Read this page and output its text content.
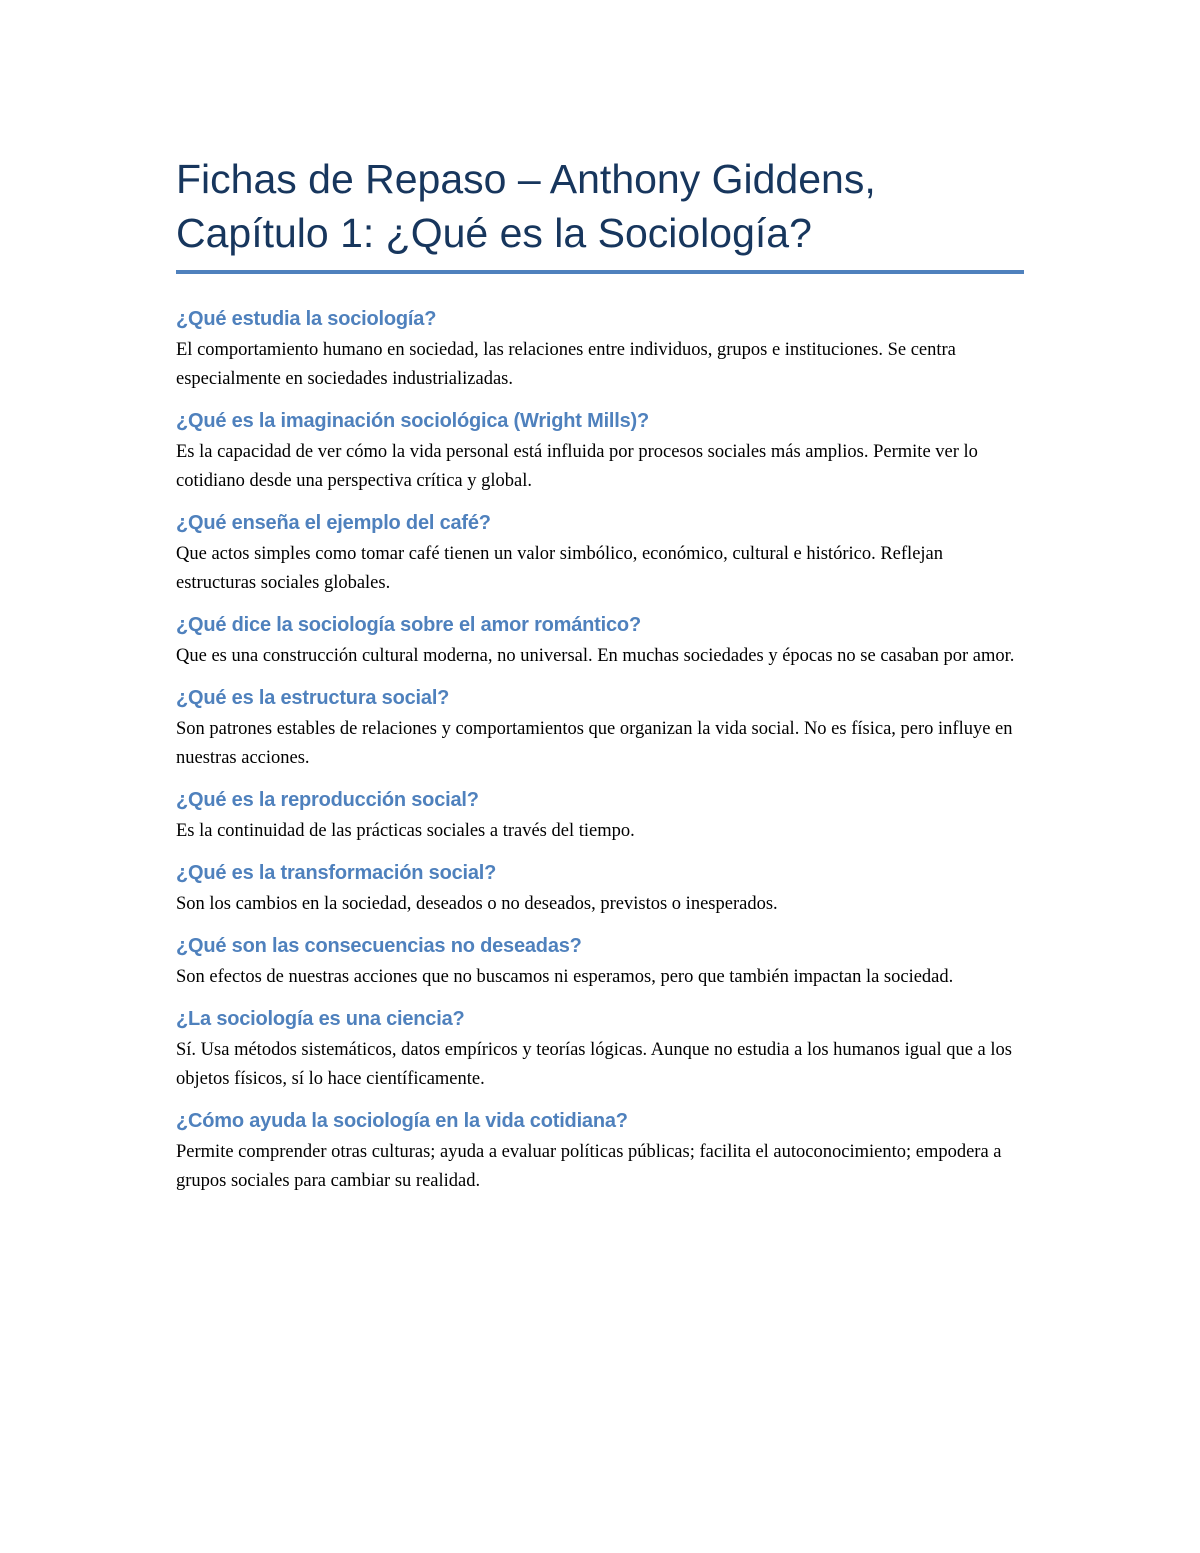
Fichas de Repaso – Anthony Giddens,
Capítulo 1: ¿Qué es la Sociología?
¿Qué estudia la sociología?

El comportamiento humano en sociedad, las relaciones entre individuos, grupos e instituciones. Se centra especialmente en sociedades industrializadas.

¿Qué es la imaginación sociológica (Wright Mills)?

Es la capacidad de ver cómo la vida personal está influida por procesos sociales más amplios. Permite ver lo cotidiano desde una perspectiva crítica y global.

¿Qué enseña el ejemplo del café?

Que actos simples como tomar café tienen un valor simbólico, económico, cultural e histórico. Reflejan estructuras sociales globales.

¿Qué dice la sociología sobre el amor romántico?

Que es una construcción cultural moderna, no universal. En muchas sociedades y épocas no se casaban por amor.

¿Qué es la estructura social?

Son patrones estables de relaciones y comportamientos que organizan la vida social. No es física, pero influye en nuestras acciones.

¿Qué es la reproducción social?

Es la continuidad de las prácticas sociales a través del tiempo.

¿Qué es la transformación social?

Son los cambios en la sociedad, deseados o no deseados, previstos o inesperados.

¿Qué son las consecuencias no deseadas?

Son efectos de nuestras acciones que no buscamos ni esperamos, pero que también impactan la sociedad.

¿La sociología es una ciencia?

Sí. Usa métodos sistemáticos, datos empíricos y teorías lógicas. Aunque no estudia a los humanos igual que a los objetos físicos, sí lo hace científicamente.

¿Cómo ayuda la sociología en la vida cotidiana?

Permite comprender otras culturas; ayuda a evaluar políticas públicas; facilita el autoconocimiento; empodera a grupos sociales para cambiar su realidad.
